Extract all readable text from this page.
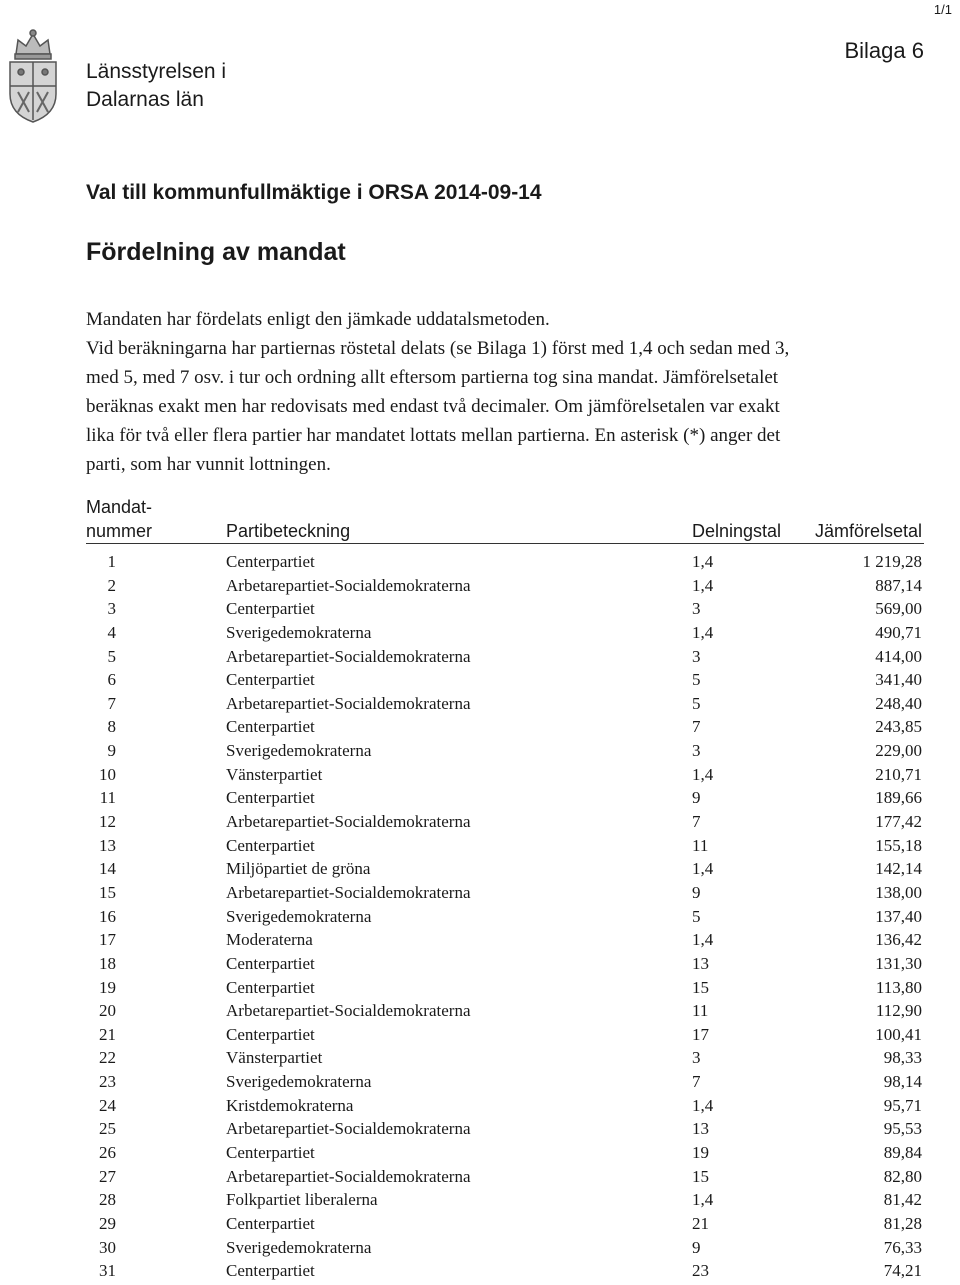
1/1
Länsstyrelsen i
Dalarnas län
Bilaga 6
Val till kommunfullmäktige i ORSA 2014-09-14
Fördelning av mandat

Mandaten har fördelats enligt den jämkade uddatalsmetoden.

Vid beräkningarna har partiernas röstetal delats (se Bilaga 1) först med 1,4 och sedan med 3,

med 5, med 7 osv. i tur och ordning allt eftersom partierna tog sina mandat. Jämförelsetalet

beräknas exakt men har redovisats med endast två decimaler. Om jämförelsetalen var exakt

lika för två eller flera partier har mandatet lottats mellan partierna. En asterisk (*) anger det

parti, som har vunnit lottningen.

Mandat-
nummer	Partibeteckning	Delningstal Jämförelsetal
1	Centerpartiet	1,4	1 219,28
2	Arbetarepartiet-Socialdemokraterna	1,4	887,14
3	Centerpartiet	3	569,00
4	Sverigedemokraterna	1,4	490,71
5	Arbetarepartiet-Socialdemokraterna	3	414,00
6	Centerpartiet	5	341,40
7	Arbetarepartiet-Socialdemokraterna	5	248,40
8	Centerpartiet	7	243,85
9	Sverigedemokraterna	3	229,00
10	Vänsterpartiet	1,4	210,71
11	Centerpartiet	9	189,66
12	Arbetarepartiet-Socialdemokraterna	7	177,42
13	Centerpartiet	11	155,18
14	Miljöpartiet de gröna	1,4	142,14
15	Arbetarepartiet-Socialdemokraterna	9	138,00
16	Sverigedemokraterna	5	137,40
17	Moderaterna	1,4	136,42
18	Centerpartiet	13	131,30
19	Centerpartiet	15	113,80
20	Arbetarepartiet-Socialdemokraterna	11	112,90
21	Centerpartiet	17	100,41
22	Vänsterpartiet	3	98,33
23	Sverigedemokraterna	7	98,14
24	Kristdemokraterna	1,4	95,71
25	Arbetarepartiet-Socialdemokraterna	13	95,53
26	Centerpartiet	19	89,84
27	Arbetarepartiet-Socialdemokraterna	15	82,80
28	Folkpartiet liberalerna	1,4	81,42
29	Centerpartiet	21	81,28
30	Sverigedemokraterna	9	76,33
31	Centerpartiet	23	74,21
